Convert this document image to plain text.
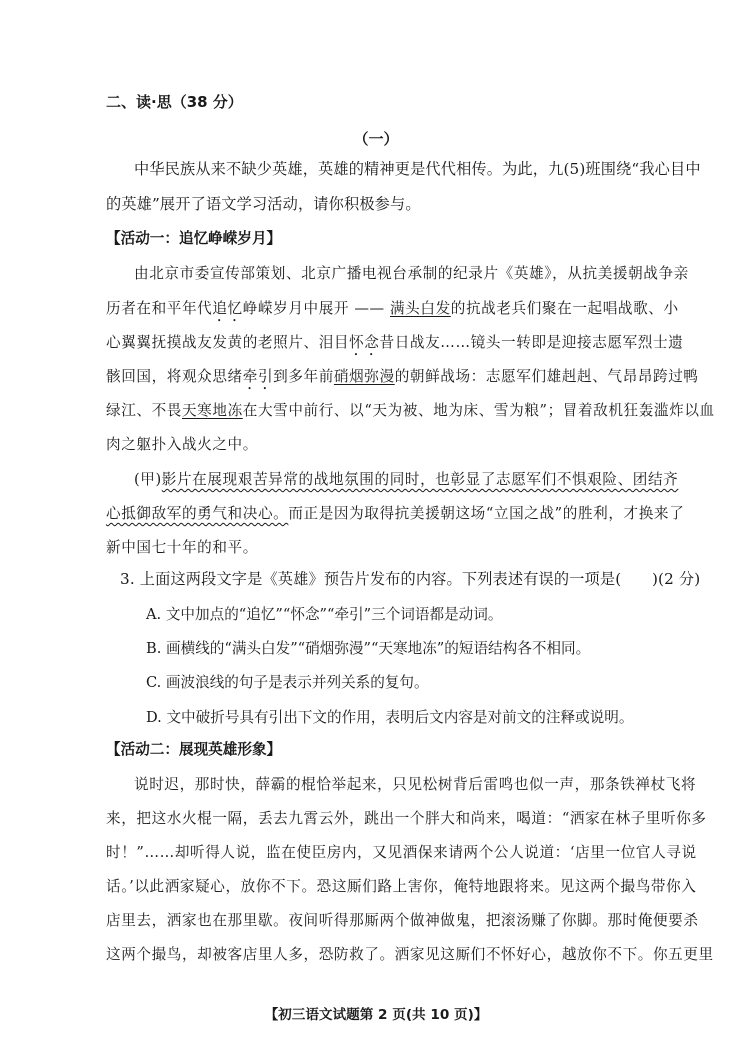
二、读·思（38 分）
（一）
中华民族从来不缺少英雄，英雄的精神更是代代相传。为此，九(5)班围绕“我心目中
的英雄”展开了语文学习活动，请你积极参与。
【活动一：追忆峥嵘岁月】
由北京市委宣传部策划、北京广播电视台承制的纪录片《英雄》，从抗美援朝战争亲
历者在和平年代追忆峥嵘岁月中展开 —— 满头白发的抗战老兵们聚在一起唱战歌、小
心翼翼抚摸战友发黄的老照片、泪目怀念昔日战友……镜头一转即是迎接志愿军烈士遗
骸回国，将观众思绪牵引到多年前硝烟弥漫的朝鲜战场：志愿军们雄赳赳、气昂昂跨过鸭
绿江、不畏天寒地冻在大雪中前行、以“天为被、地为床、雪为粮”；冒着敌机狂轰滥炸以血
肉之躯扑入战火之中。
(甲)影片在展现艰苦异常的战地氛围的同时，也彰显了志愿军们不惧艰险、团结齐
心抵御敌军的勇气和决心。而正是因为取得抗美援朝这场“立国之战”的胜利，才换来了
新中国七十年的和平。
3. 上面这两段文字是《英雄》预告片发布的内容。下列表述有误的一项是(　　)(2 分)
A. 文中加点的“追忆”“怀念”“牵引”三个词语都是动词。
B. 画横线的“满头白发”“硝烟弥漫”“天寒地冻”的短语结构各不相同。
C. 画波浪线的句子是表示并列关系的复句。
D. 文中破折号具有引出下文的作用，表明后文内容是对前文的注释或说明。
【活动二：展现英雄形象】
说时迟，那时快，薛霸的棍恰举起来，只见松树背后雷鸣也似一声，那条铁禅杖飞将
来，把这水火棍一隔，丢去九霄云外，跳出一个胖大和尚来，喝道：“洒家在林子里听你多
时！”……却听得人说，监在使臣房内，又见酒保来请两个公人说道：‘店里一位官人寻说
话。’以此洒家疑心，放你不下。恐这厮们路上害你，俺特地跟将来。见这两个撮鸟带你入
店里去，洒家也在那里歇。夜间听得那厮两个做神做鬼，把滚汤赚了你脚。那时俺便要杀
这两个撮鸟，却被客店里人多，恐防救了。洒家见这厮们不怀好心，越放你不下。你五更里
【初三语文试题第 2 页(共 10 页)】
